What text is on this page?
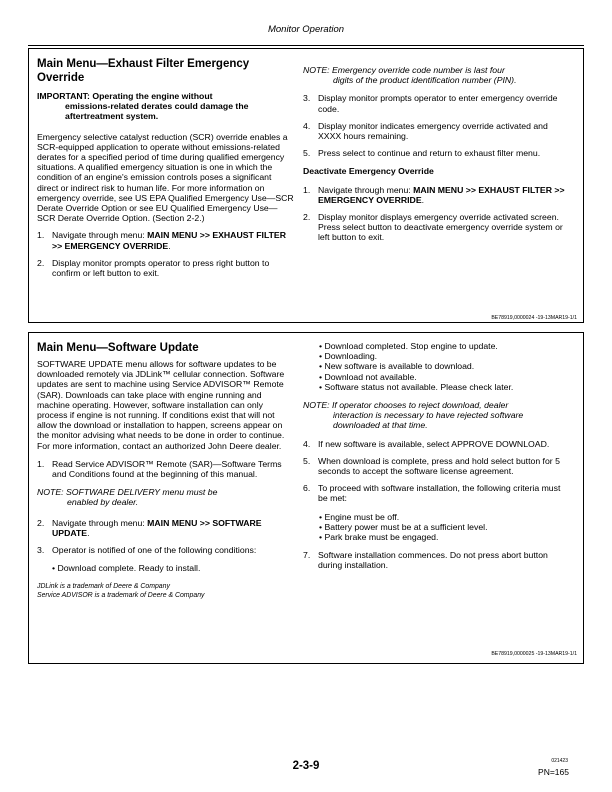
Monitor Operation
Main Menu—Exhaust Filter Emergency Override
IMPORTANT: Operating the engine without
emissions-related derates could damage the aftertreatment system.
Emergency selective catalyst reduction (SCR) override enables a SCR-equipped application to operate without emissions-related derates for a specified period of time during qualified emergency situations. A qualified emergency situation is one in which the condition of an engine's emission controls poses a significant direct or indirect risk to human life. For more information on emergency override, see US EPA Qualified Emergency Use—SCR Derate Override Option or see EU Qualified Emergency Use—SCR Derate Override Option. (Section 2-2.)
1. Navigate through menu: MAIN MENU >> EXHAUST FILTER >> EMERGENCY OVERRIDE.
2. Display monitor prompts operator to press right button to confirm or left button to exit.
NOTE: Emergency override code number is last four
digits of the product identification number (PIN).
3. Display monitor prompts operator to enter emergency override code.
4. Display monitor indicates emergency override activated and XXXX hours remaining.
5. Press select to continue and return to exhaust filter menu.
Deactivate Emergency Override
1. Navigate through menu: MAIN MENU >> EXHAUST FILTER >> EMERGENCY OVERRIDE.
2. Display monitor displays emergency override activated screen. Press select button to deactivate emergency override system or left button to exit.
BE78919,0000024 -19-13MAR19-1/1
Main Menu—Software Update
SOFTWARE UPDATE menu allows for software updates to be downloaded remotely via JDLink™ cellular connection. Software updates are sent to machine using Service ADVISOR™ Remote (SAR). Downloads can take place with engine running and machine operating. However, software installation can only process if engine is not running. If conditions exist that will not allow the download or installation to happen, screens appear on the monitor advising what needs to be done in order to continue. For more information, contact an authorized John Deere dealer.
1. Read Service ADVISOR™ Remote (SAR)—Software Terms and Conditions found at the beginning of this manual.
NOTE: SOFTWARE DELIVERY menu must be
enabled by dealer.
2. Navigate through menu: MAIN MENU >> SOFTWARE UPDATE.
3. Operator is notified of one of the following conditions:
• Download complete. Ready to install.
JDLink is a trademark of Deere & Company
Service ADVISOR is a trademark of Deere & Company
• Download completed. Stop engine to update.
• Downloading.
• New software is available to download.
• Download not available.
• Software status not available. Please check later.
NOTE: If operator chooses to reject download, dealer
interaction is necessary to have rejected software downloaded at that time.
4. If new software is available, select APPROVE DOWNLOAD.
5. When download is complete, press and hold select button for 5 seconds to accept the software license agreement.
6. To proceed with software installation, the following criteria must be met:
• Engine must be off.
• Battery power must be at a sufficient level.
• Park brake must be engaged.
7. Software installation commences. Do not press abort button during installation.
BE78919,0000025 -19-13MAR19-1/1
2-3-9	021423
PN=165
